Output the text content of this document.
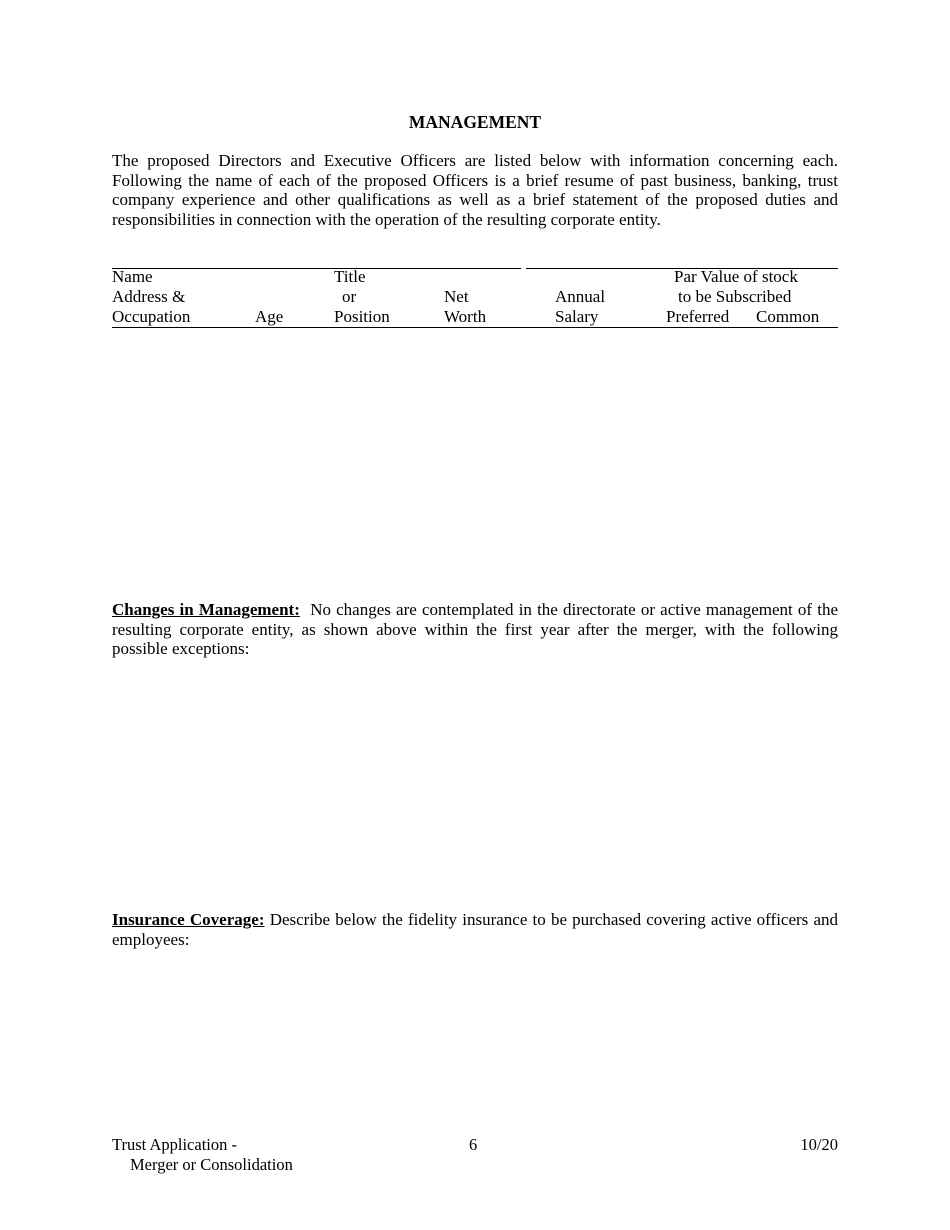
MANAGEMENT
The proposed Directors and Executive Officers are listed below with information concerning each. Following the name of each of the proposed Officers is a brief resume of past business, banking, trust company experience and other qualifications as well as a brief statement of the proposed duties and responsibilities in connection with the operation of the resulting corporate entity.
Name
Address &
Occupation	Age
Title
or
Position
Net
Worth
Annual
Salary
Par Value of stock
to be Subscribed
Preferred Common
Changes in Management: No changes are contemplated in the directorate or active management of the resulting corporate entity, as shown above within the first year after the merger, with the following possible exceptions:
Insurance Coverage: Describe below the fidelity insurance to be purchased covering active officers and employees:
Trust Application -
Merger or Consolidation
6	10/20
